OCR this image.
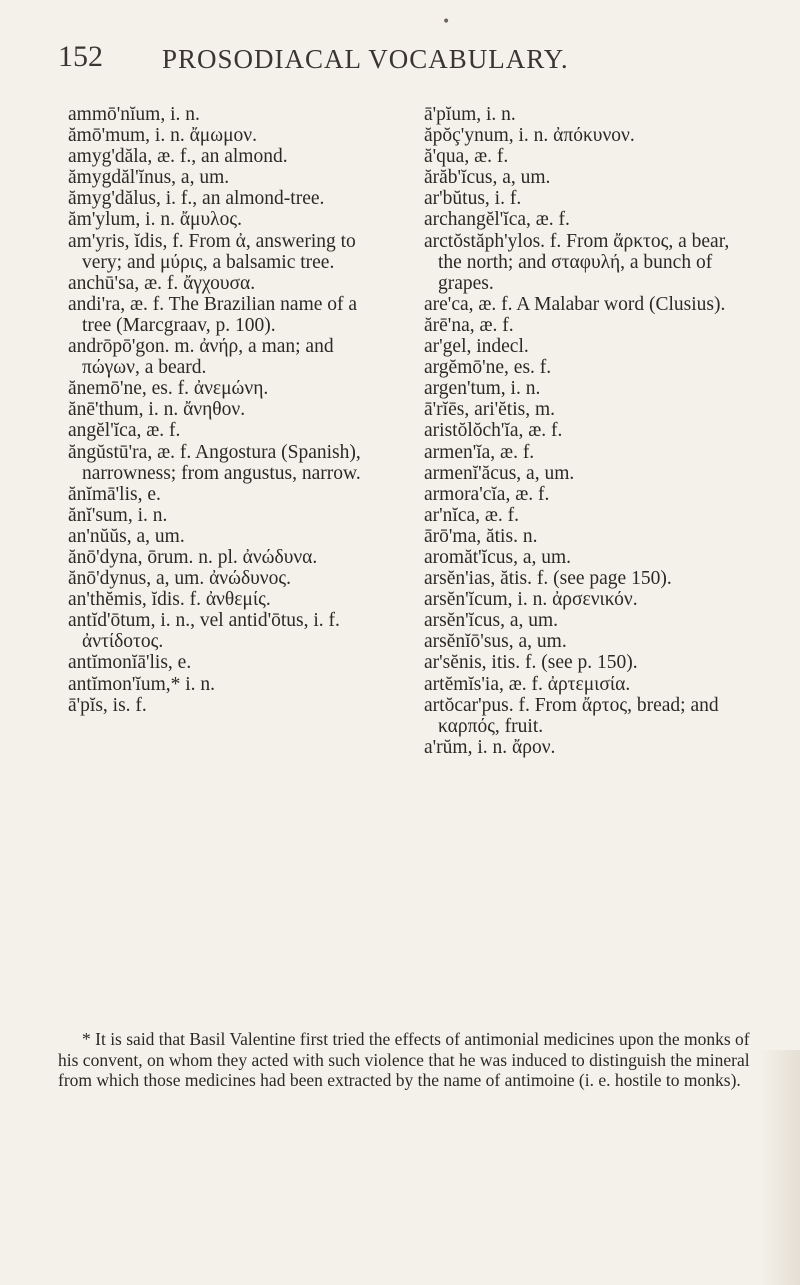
•
152 PROSODIACAL VOCABULARY.

ammō'nĭum, i. n.

ămō'mum, i. n. ἄμωμον.

amyg'dăla, æ. f., an almond.

ămygdăl'ĭnus, a, um.

ămyg'dălus, i. f., an almond-tree.

ăm'ylum, i. n. ἄμυλος.

am'yris, ĭdis, f. From ἀ, answering to very; and μύρις, a balsamic tree.

anchū'sa, æ. f. ἄγχουσα.

andi'ra, æ. f. The Brazilian name of a tree (Marcgraav, p. 100).

andrōpō'gon. m. ἀνήρ, a man; and πώγων, a beard.

ănemō'ne, es. f. ἀνεμώνη.

ănē'thum, i. n. ἄνηθον.

angĕl'ĭca, æ. f.

ăngŭstū'ra, æ. f. Angostura (Spanish), narrowness; from angustus, narrow.

ănĭmā'lis, e.

ănĭ'sum, i. n.

an'nŭŭs, a, um.

ănō'dyna, ōrum. n. pl. ἀνώδυνα.

ănō'dynus, a, um. ἀνώδυνος.

an'thĕmis, ĭdis. f. ἀνθεμίς.

antĭd'ōtum, i. n., vel antid'ōtus, i. f. ἀντίδοτος.

antĭmonĭā'lis, e.

antĭmon'ĭum,* i. n.

ā'pĭs, is. f.

ā'pĭum, i. n.

ăpŏç'ynum, i. n. ἀπόκυνον.

ă'qua, æ. f.

ărăb'ĭcus, a, um.

ar'bŭtus, i. f.

archangĕl'ĭca, æ. f.

arctŏstăph'ylos. f. From ἄρκτος, a bear, the north; and σταφυλή, a bunch of grapes.

are'ca, æ. f. A Malabar word (Clusius).

ărē'na, æ. f.

ar'gel, indecl.

argĕmō'ne, es. f.

argen'tum, i. n.

ā'rĭēs, ari'ĕtis, m.

aristŏlŏch'ĭa, æ. f.

armen'ĭa, æ. f.

armenĭ'ăcus, a, um.

armora'cĭa, æ. f.

ar'nĭca, æ. f.

ārō'ma, ătis. n.

aromăt'ĭcus, a, um.

arsĕn'ias, ătis. f. (see page 150).

arsĕn'ĭcum, i. n. ἀρσενικόν.

arsĕn'ĭcus, a, um.

arsĕnĭō'sus, a, um.

ar'sĕnis, itis. f. (see p. 150).

artĕmĭs'ia, æ. f. ἀρτεμισία.

artŏcar'pus. f. From ἄρτος, bread; and καρπός, fruit.

a'rŭm, i. n. ἄρον.

* It is said that Basil Valentine first tried the effects of antimonial medicines upon the monks of his convent, on whom they acted with such violence that he was induced to distinguish the mineral from which those medicines had been extracted by the name of antimoine (i. e. hostile to monks).
